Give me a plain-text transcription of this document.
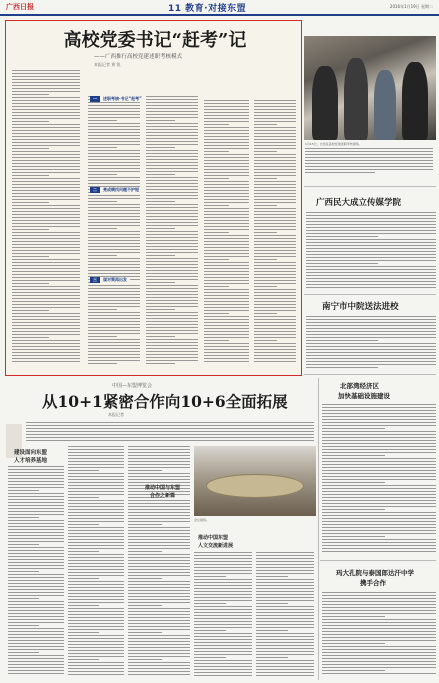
广西日报	11 教育·对接东盟	2016年1月19日 星期二
高校党委书记“赶考”记
——广西推行高校党建述职考核模式
本报记者 黄 锐
一 述职考核·书记“赶考”
二 亮成绩找问题不护短
三 谋对策再出发
1月15日，自治区高校党建述职考核现场。
广西民大成立传媒学院
南宁市中院送法进校
北部湾经济区
加快基础设施建设
玛大孔院与泰国郎达汗中学
携手合作
中国—东盟博览会
从10+1紧密合作向10+6全面拓展
本报记者
建设面向东盟
人才培养基地
会议现场。
推动中国与东盟
合作之新篇
推动中国东盟
人文交流新进展
